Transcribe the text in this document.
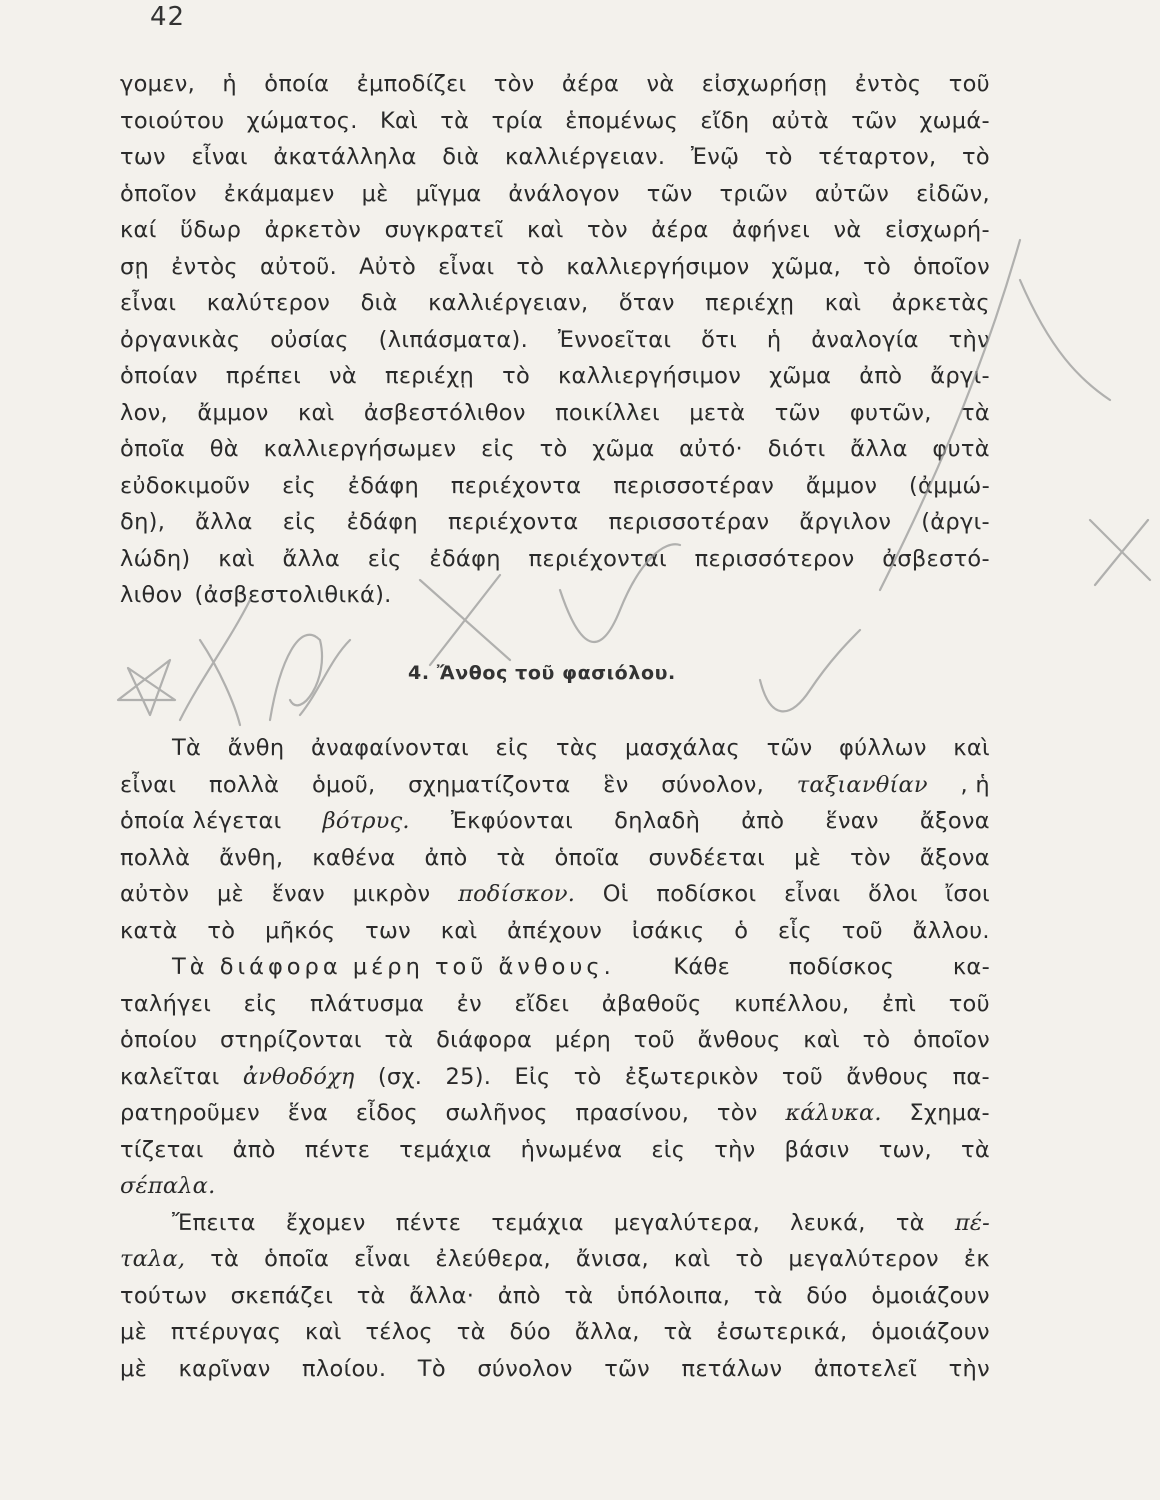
42
γομεν, ἡ ὁποία ἐμποδίζει τὸν ἀέρα νὰ εἰσχωρήσῃ ἐντὸς τοῦ
τοιούτου χώματος. Καὶ τὰ τρία ἑπομένως εἴδη αὐτὰ τῶν χωμά-
των εἶναι ἀκατάλληλα διὰ καλλιέργειαν. Ἐνῷ τὸ τέταρτον, τὸ
ὁποῖον ἐκάμαμεν μὲ μῖγμα ἀνάλογον τῶν τριῶν αὐτῶν εἰδῶν,
καί ὕδωρ ἀρκετὸν συγκρατεῖ καὶ τὸν ἀέρα ἀφήνει νὰ εἰσχωρή-
σῃ ἐντὸς αὐτοῦ. Αὐτὸ εἶναι τὸ καλλιεργήσιμον χῶμα, τὸ ὁποῖον
εἶναι καλύτερον διὰ καλλιέργειαν, ὅταν περιέχῃ καὶ ἀρκετὰς
ὀργανικὰς οὐσίας (λιπάσματα). Ἐννοεῖται ὅτι ἡ ἀναλογία τὴν
ὁποίαν πρέπει νὰ περιέχῃ τὸ καλλιεργήσιμον χῶμα ἀπὸ ἄργι-
λον, ἄμμον καὶ ἀσβεστόλιθον ποικίλλει μετὰ τῶν φυτῶν, τὰ
ὁποῖα θὰ καλλιεργήσωμεν εἰς τὸ χῶμα αὐτό· διότι ἄλλα φυτὰ
εὐδοκιμοῦν εἰς ἐδάφη περιέχοντα περισσοτέραν ἄμμον (ἀμμώ-
δη), ἄλλα εἰς ἐδάφη περιέχοντα περισσοτέραν ἄργιλον (ἀργι-
λώδη) καὶ ἄλλα εἰς ἐδάφη περιέχονται περισσότερον ἀσβεστό-
λιθον (ἀσβεστολιθικά).
4. Ἄνθος τοῦ φασιόλου.
Τὰ ἄνθη ἀναφαίνονται εἰς τὰς μασχάλας τῶν φύλλων καὶ
εἶναι πολλὰ ὁμοῦ, σχηματίζοντα ἓν σύνολον, ταξιανθίαν , ἡ
ὁποία λέγεται βότρυς. Ἐκφύονται δηλαδὴ ἀπὸ ἕναν ἄξονα
πολλὰ ἄνθη, καθένα ἀπὸ τὰ ὁποῖα συνδέεται μὲ τὸν ἄξονα
αὐτὸν μὲ ἕναν μικρὸν ποδίσκον. Οἱ ποδίσκοι εἶναι ὅλοι ἴσοι
κατὰ τὸ μῆκός των καὶ ἀπέχουν ἰσάκις ὁ εἷς τοῦ ἄλλου.
Τὰ διάφορα μέρη τοῦ ἄνθους.	Κάθε	ποδίσκος	κα-
ταλήγει εἰς πλάτυσμα ἐν εἴδει ἀβαθοῦς κυπέλλου, ἐπὶ τοῦ
ὁποίου στηρίζονται τὰ διάφορα μέρη τοῦ ἄνθους καὶ τὸ ὁποῖον
καλεῖται ἀνθοδόχη (σχ. 25). Εἰς τὸ ἐξωτερικὸν τοῦ ἄνθους πα-
ρατηροῦμεν ἕνα εἶδος σωλῆνος πρασίνου, τὸν κάλυκα. Σχημα-
τίζεται ἀπὸ πέντε τεμάχια ἡνωμένα εἰς τὴν βάσιν των, τὰ
σέπαλα.
Ἔπειτα ἔχομεν πέντε τεμάχια μεγαλύτερα, λευκά, τὰ πέ-
ταλα, τὰ ὁποῖα εἶναι ἐλεύθερα, ἄνισα, καὶ τὸ μεγαλύτερον ἐκ
τούτων σκεπάζει τὰ ἄλλα· ἀπὸ τὰ ὑπόλοιπα, τὰ δύο ὁμοιάζουν
μὲ πτέρυγας καὶ τέλος τὰ δύο ἄλλα, τὰ ἐσωτερικά, ὁμοιάζουν
μὲ καρῖναν πλοίου. Τὸ σύνολον τῶν πετάλων ἀποτελεῖ τὴν
